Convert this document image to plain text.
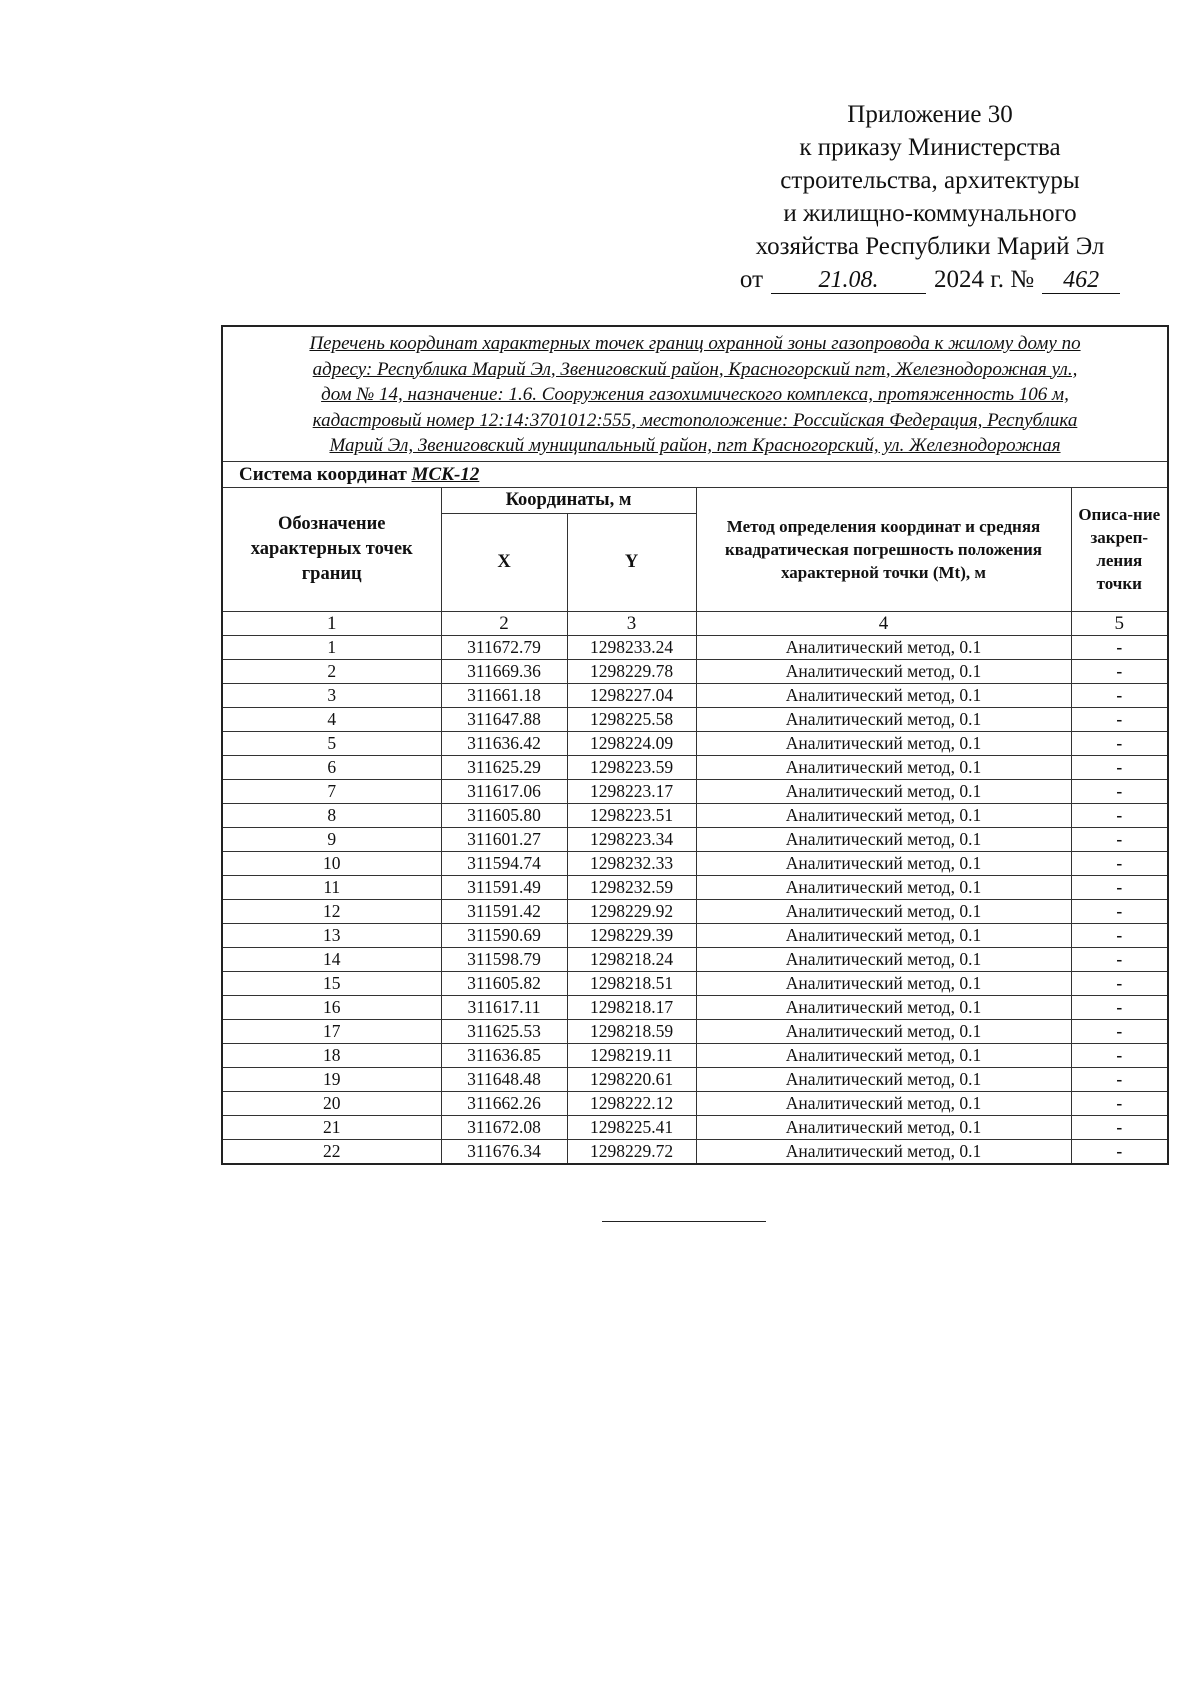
Приложение 30
к приказу Министерства
строительства, архитектуры
и жилищно-коммунального
хозяйства Республики Марий Эл
от	21.08.	2024 г. №	462
Перечень координат характерных точек границ охранной зоны газопровода к жилому дому по
адресу: Республика Марий Эл, Звениговский район, Красногорский пгт, Железнодорожная ул.,
дом № 14, назначение: 1.6. Сооружения газохимического комплекса, протяженность 106 м,
кадастровый номер 12:14:3701012:555, местоположение: Российская Федерация, Республика
Марий Эл, Звениговский муниципальный район, пгт Красногорский, ул. Железнодорожная				

Система координат МСК-12				
Обозначение характерных точек границ	Координаты, м		Метод определения координат и средняя квадратическая погрешность положения характерной точки (Mt), м	Описа-ние закреп-ления точки
	X	Y		
1	2	3	4	5
1	311672.79	1298233.24	Аналитический метод, 0.1	-
2	311669.36	1298229.78	Аналитический метод, 0.1	-
3	311661.18	1298227.04	Аналитический метод, 0.1	-
4	311647.88	1298225.58	Аналитический метод, 0.1	-
5	311636.42	1298224.09	Аналитический метод, 0.1	-
6	311625.29	1298223.59	Аналитический метод, 0.1	-
7	311617.06	1298223.17	Аналитический метод, 0.1	-
8	311605.80	1298223.51	Аналитический метод, 0.1	-
9	311601.27	1298223.34	Аналитический метод, 0.1	-
10	311594.74	1298232.33	Аналитический метод, 0.1	-
11	311591.49	1298232.59	Аналитический метод, 0.1	-
12	311591.42	1298229.92	Аналитический метод, 0.1	-
13	311590.69	1298229.39	Аналитический метод, 0.1	-
14	311598.79	1298218.24	Аналитический метод, 0.1	-
15	311605.82	1298218.51	Аналитический метод, 0.1	-
16	311617.11	1298218.17	Аналитический метод, 0.1	-
17	311625.53	1298218.59	Аналитический метод, 0.1	-
18	311636.85	1298219.11	Аналитический метод, 0.1	-
19	311648.48	1298220.61	Аналитический метод, 0.1	-
20	311662.26	1298222.12	Аналитический метод, 0.1	-
21	311672.08	1298225.41	Аналитический метод, 0.1	-
22	311676.34	1298229.72	Аналитический метод, 0.1	-
